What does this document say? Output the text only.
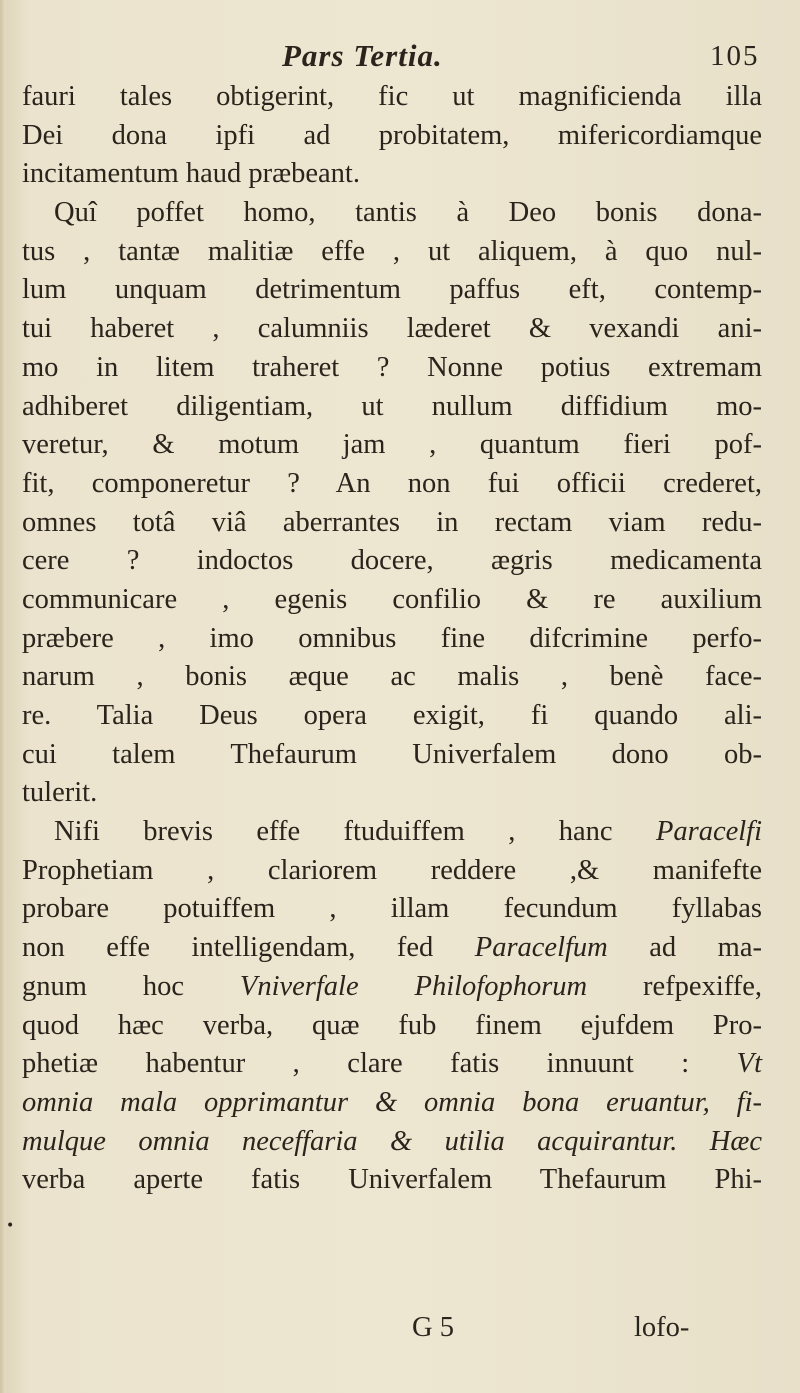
Pars Tertia.	105
fauri tales obtigerint, fic ut magnificienda illa
Dei dona ipfi ad probitatem, mifericordiamque
incitamentum haud præbeant.
Quî poffet homo, tantis à Deo bonis dona-
tus , tantæ malitiæ effe , ut aliquem, à quo nul-
lum unquam detrimentum paffus eft, contemp-
tui haberet , calumniis læderet & vexandi ani-
mo in litem traheret ? Nonne potius extremam
adhiberet diligentiam, ut nullum diffidium mo-
veretur, & motum jam , quantum fieri pof-
fit, componeretur ? An non fui officii crederet,
omnes totâ viâ aberrantes in rectam viam redu-
cere ? indoctos docere, ægris medicamenta
communicare , egenis confilio & re auxilium
præbere , imo omnibus fine difcrimine perfo-
narum , bonis æque ac malis , benè face-
re. Talia Deus opera exigit, fi quando ali-
cui talem Thefaurum Univerfalem dono ob-
tulerit.
Nifi brevis effe ftuduiffem , hanc Paracelfi
Prophetiam , clariorem reddere ,& manifefte
probare potuiffem , illam fecundum fyllabas
non effe intelligendam, fed Paracelfum ad ma-
gnum hoc Vniverfale Philofophorum refpexiffe,
quod hæc verba, quæ fub finem ejufdem Pro-
phetiæ habentur , clare fatis innuunt : Vt
omnia mala opprimantur & omnia bona eruantur, fi-
mulque omnia neceffaria & utilia acquirantur. Hæc
verba aperte fatis Univerfalem Thefaurum Phi-
•
G 5	lofo-
